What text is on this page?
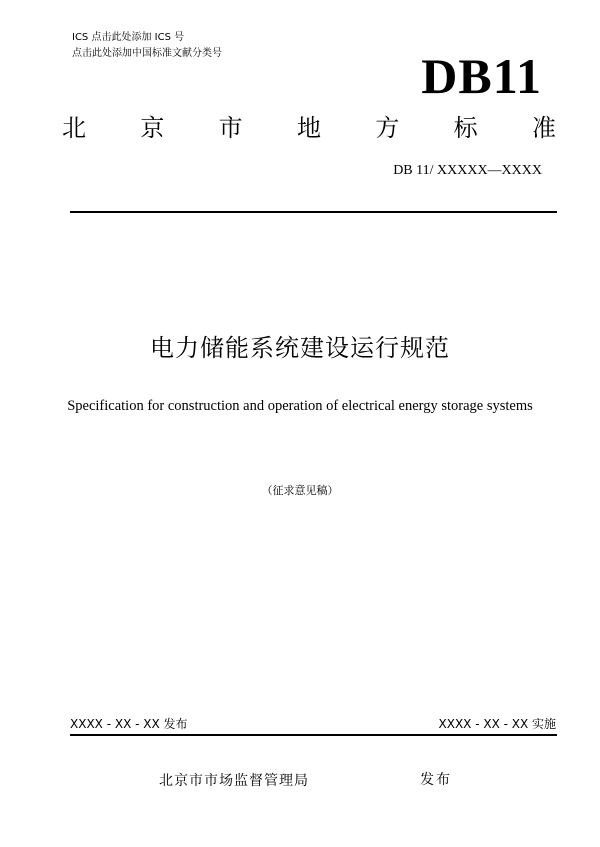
ICS 点击此处添加 ICS 号
点击此处添加中国标准文献分类号	DB11
北 京 市 地 方 标 准
DB 11/ XXXXX—XXXX
电力储能系统建设运行规范
Specification for construction and operation of electrical energy storage systems
（征求意见稿）
XXXX - XX - XX 发布	XXXX - XX - XX 实施
北京市市场监督管理局	发布
